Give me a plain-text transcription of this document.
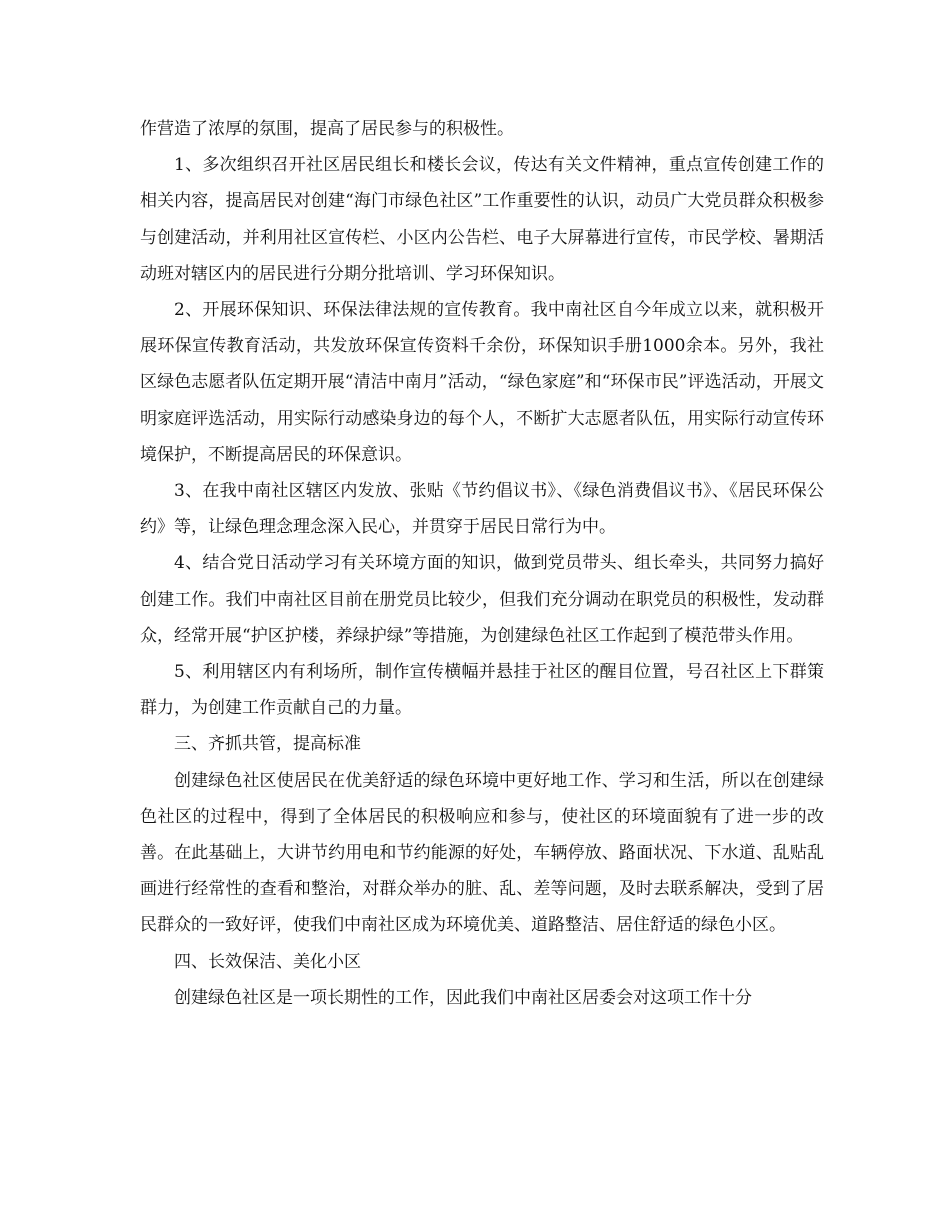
作营造了浓厚的氛围，提高了居民参与的积极性。

1、多次组织召开社区居民组长和楼长会议，传达有关文件精神，重点宣传创建工作的相关内容，提高居民对创建“海门市绿色社区”工作重要性的认识，动员广大党员群众积极参与创建活动，并利用社区宣传栏、小区内公告栏、电子大屏幕进行宣传，市民学校、暑期活动班对辖区内的居民进行分期分批培训、学习环保知识。

2、开展环保知识、环保法律法规的宣传教育。我中南社区自今年成立以来，就积极开展环保宣传教育活动，共发放环保宣传资料千余份，环保知识手册1000余本。另外，我社区绿色志愿者队伍定期开展“清洁中南月”活动，“绿色家庭”和“环保市民”评选活动，开展文明家庭评选活动，用实际行动感染身边的每个人，不断扩大志愿者队伍，用实际行动宣传环境保护，不断提高居民的环保意识。

3、在我中南社区辖区内发放、张贴《节约倡议书》、《绿色消费倡议书》、《居民环保公约》等，让绿色理念理念深入民心，并贯穿于居民日常行为中。

4、结合党日活动学习有关环境方面的知识，做到党员带头、组长牵头，共同努力搞好创建工作。我们中南社区目前在册党员比较少，但我们充分调动在职党员的积极性，发动群众，经常开展“护区护楼，养绿护绿”等措施，为创建绿色社区工作起到了模范带头作用。

5、利用辖区内有利场所，制作宣传横幅并悬挂于社区的醒目位置，号召社区上下群策群力，为创建工作贡献自己的力量。

三、齐抓共管，提高标准

创建绿色社区使居民在优美舒适的绿色环境中更好地工作、学习和生活，所以在创建绿色社区的过程中，得到了全体居民的积极响应和参与，使社区的环境面貌有了进一步的改善。在此基础上，大讲节约用电和节约能源的好处，车辆停放、路面状况、下水道、乱贴乱画进行经常性的查看和整治，对群众举办的脏、乱、差等问题，及时去联系解决，受到了居民群众的一致好评，使我们中南社区成为环境优美、道路整洁、居住舒适的绿色小区。

四、长效保洁、美化小区

创建绿色社区是一项长期性的工作，因此我们中南社区居委会对这项工作十分
